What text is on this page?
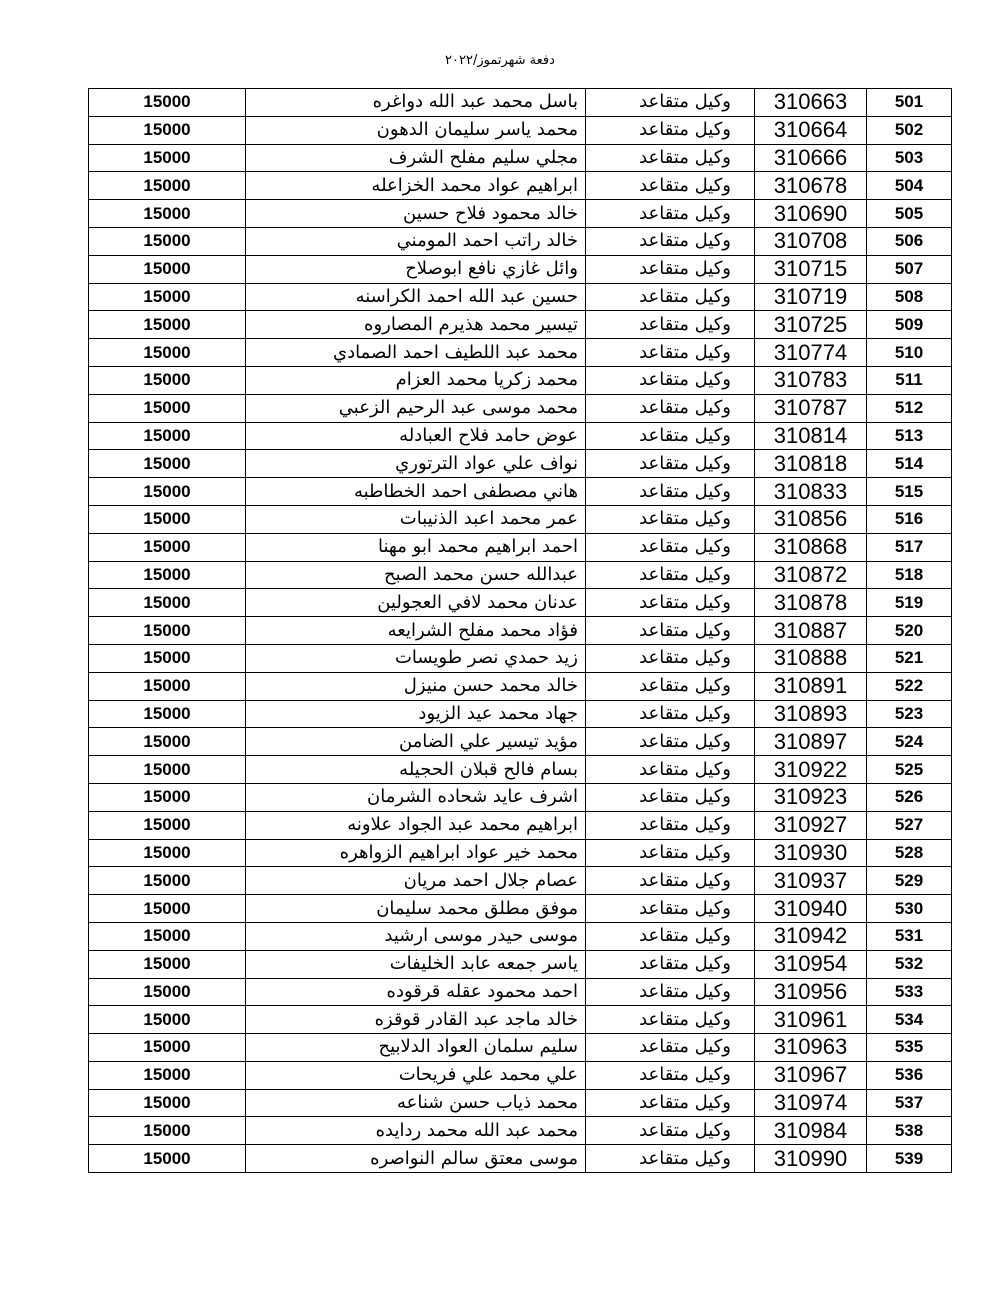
دفعة شهرتموز/٢٠٢٢
15000	باسل محمد عبد الله دواغره	وكيل متقاعد	310663	501
15000	محمد ياسر سليمان الدهون	وكيل متقاعد	310664	502
15000	مجلي سليم مفلح الشرف	وكيل متقاعد	310666	503
15000	ابراهيم عواد محمد الخزاعله	وكيل متقاعد	310678	504
15000	خالد محمود فلاح حسين	وكيل متقاعد	310690	505
15000	خالد راتب احمد المومني	وكيل متقاعد	310708	506
15000	وائل غازي نافع ابوصلاح	وكيل متقاعد	310715	507
15000	حسين عبد الله احمد الكراسنه	وكيل متقاعد	310719	508
15000	تيسير محمد هذيرم المصاروه	وكيل متقاعد	310725	509
15000	محمد عبد اللطيف احمد الصمادي	وكيل متقاعد	310774	510
15000	محمد زكريا محمد العزام	وكيل متقاعد	310783	511
15000	محمد موسى عبد الرحيم الزعبي	وكيل متقاعد	310787	512
15000	عوض حامد فلاح العبادله	وكيل متقاعد	310814	513
15000	نواف علي عواد الترتوري	وكيل متقاعد	310818	514
15000	هاني مصطفى احمد الخطاطبه	وكيل متقاعد	310833	515
15000	عمر محمد اعبد الذنيبات	وكيل متقاعد	310856	516
15000	احمد ابراهيم محمد ابو مهنا	وكيل متقاعد	310868	517
15000	عبدالله حسن محمد الصبح	وكيل متقاعد	310872	518
15000	عدنان محمد لافي العجولين	وكيل متقاعد	310878	519
15000	فؤاد محمد مفلح الشرايعه	وكيل متقاعد	310887	520
15000	زيد حمدي نصر طويسات	وكيل متقاعد	310888	521
15000	خالد محمد حسن منيزل	وكيل متقاعد	310891	522
15000	جهاد محمد عيد الزيود	وكيل متقاعد	310893	523
15000	مؤيد تيسير علي الضامن	وكيل متقاعد	310897	524
15000	بسام فالح قبلان الحجيله	وكيل متقاعد	310922	525
15000	اشرف عايد شحاده الشرمان	وكيل متقاعد	310923	526
15000	ابراهيم محمد عبد الجواد علاونه	وكيل متقاعد	310927	527
15000	محمد خير عواد ابراهيم الزواهره	وكيل متقاعد	310930	528
15000	عصام جلال احمد مريان	وكيل متقاعد	310937	529
15000	موفق مطلق محمد سليمان	وكيل متقاعد	310940	530
15000	موسى حيدر موسى ارشيد	وكيل متقاعد	310942	531
15000	ياسر جمعه عابد الخليفات	وكيل متقاعد	310954	532
15000	احمد محمود عقله قرقوده	وكيل متقاعد	310956	533
15000	خالد ماجد عبد القادر قوقزه	وكيل متقاعد	310961	534
15000	سليم سلمان العواد الدلابيح	وكيل متقاعد	310963	535
15000	علي محمد علي فريحات	وكيل متقاعد	310967	536
15000	محمد ذياب حسن شناعه	وكيل متقاعد	310974	537
15000	محمد عبد الله محمد ردايده	وكيل متقاعد	310984	538
15000	موسى معتق سالم النواصره	وكيل متقاعد	310990	539
